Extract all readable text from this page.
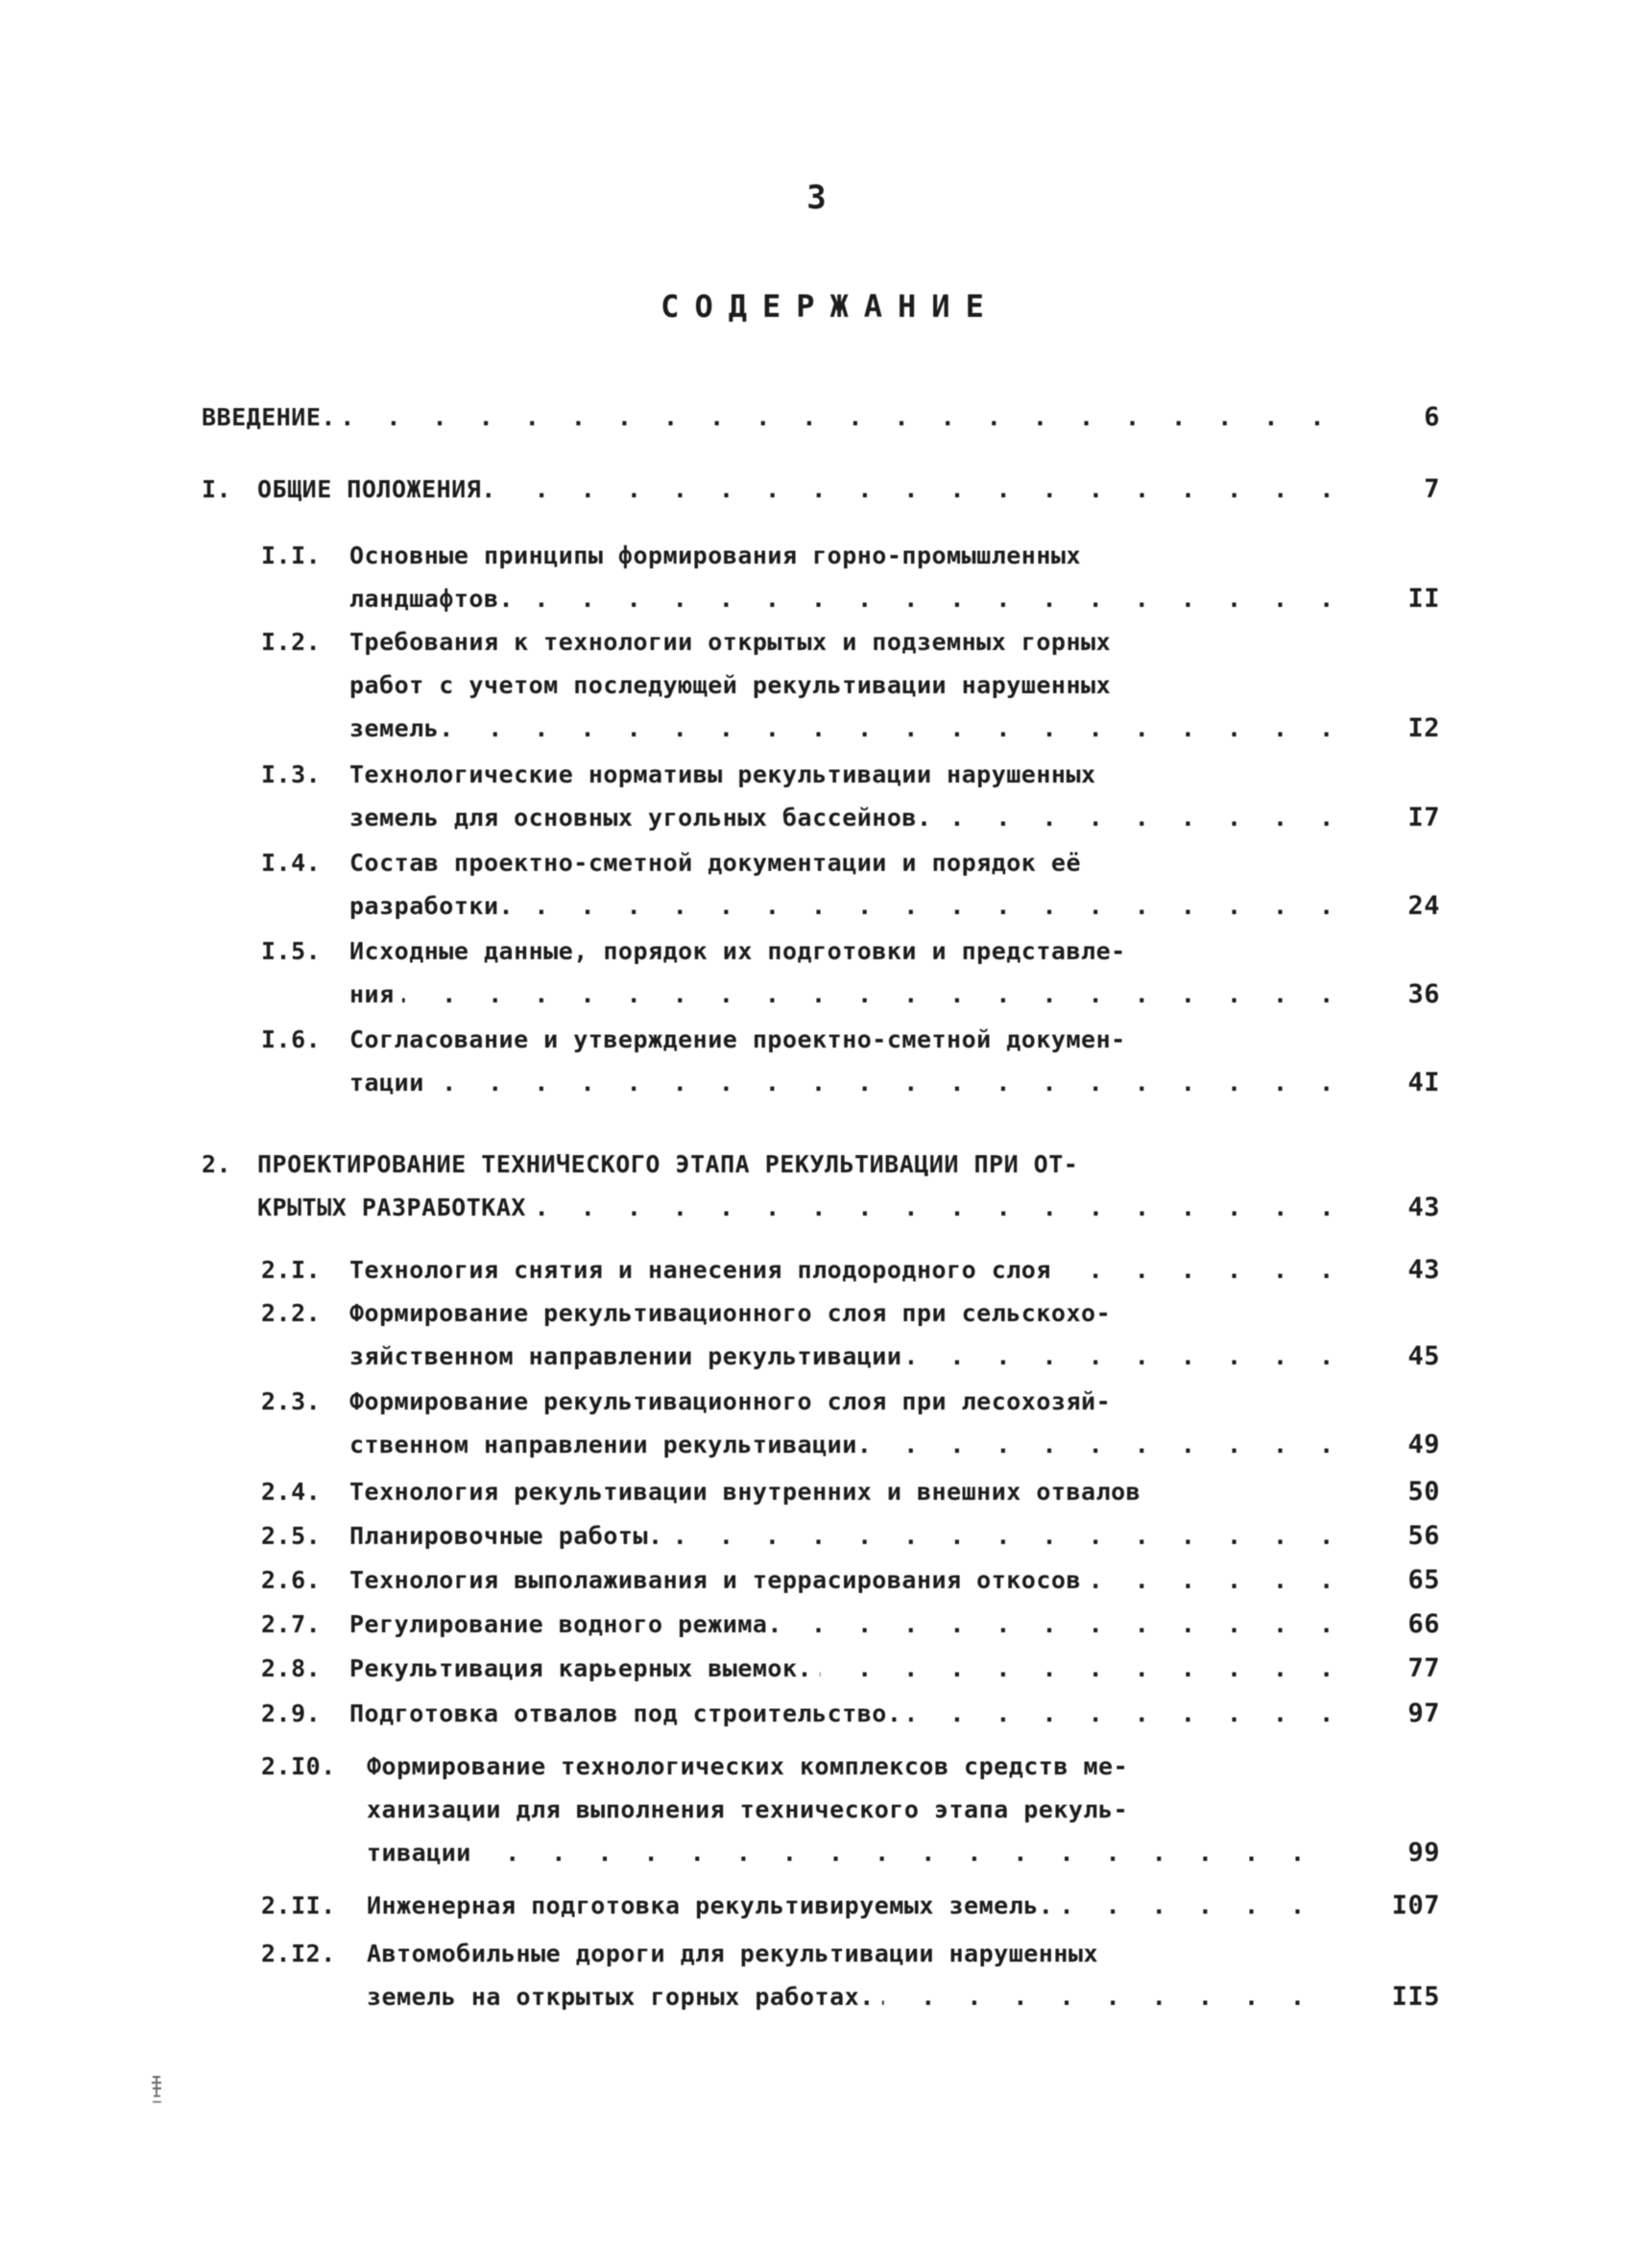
3
СОДЕРЖАНИЕ
ВВЕДЕНИЕ. . . .	6
I. ОБЩИЕ ПОЛОЖЕНИЯ. . . .	7
I.I. Основные принципы формирования горно-промышленных
ландшафтов. . . .	II
I.2. Требования к технологии открытых и подземных горных
работ с учетом последующей рекультивации нарушенных
земель. . . .	I2
I.3. Технологические нормативы рекультивации нарушенных
земель для основных угольных бассейнов. . . .	I7
I.4. Состав проектно-сметной документации и порядок её
разработки. . . .	24
I.5. Исходные данные, порядок их подготовки и представле-
ния . . .	36
I.6. Согласование и утверждение проектно-сметной докумен-
тации . . .	4I
2. ПРОЕКТИРОВАНИЕ ТЕХНИЧЕСКОГО ЭТАПА РЕКУЛЬТИВАЦИИ ПРИ ОТ-
КРЫТЫХ РАЗРАБОТКАХ . . .	43
2.I. Технология снятия и нанесения плодородного слоя . . .	43
2.2. Формирование рекультивационного слоя при сельскохо-
зяйственном направлении рекультивации . . .	45
2.3. Формирование рекультивационного слоя при лесохозяй-
ственном направлении рекультивации. . . .	49
2.4. Технология рекультивации внутренних и внешних отвалов	50
2.5. Планировочные работы. . . .	56
2.6. Технология выполаживания и террасирования откосов . . .	65
2.7. Регулирование водного режима. . . .	66
2.8. Рекультивация карьерных выемок. . . .	77
2.9. Подготовка отвалов под строительство. . . .	97
2.I0. Формирование технологических комплексов средств ме-
ханизации для выполнения технического этапа рекуль-
тивации . . .	99
2.II. Инженерная подготовка рекультивируемых земель. . . .	I07
2.I2. Автомобильные дороги для рекультивации нарушенных
земель на открытых горных работах. . . .	II5
